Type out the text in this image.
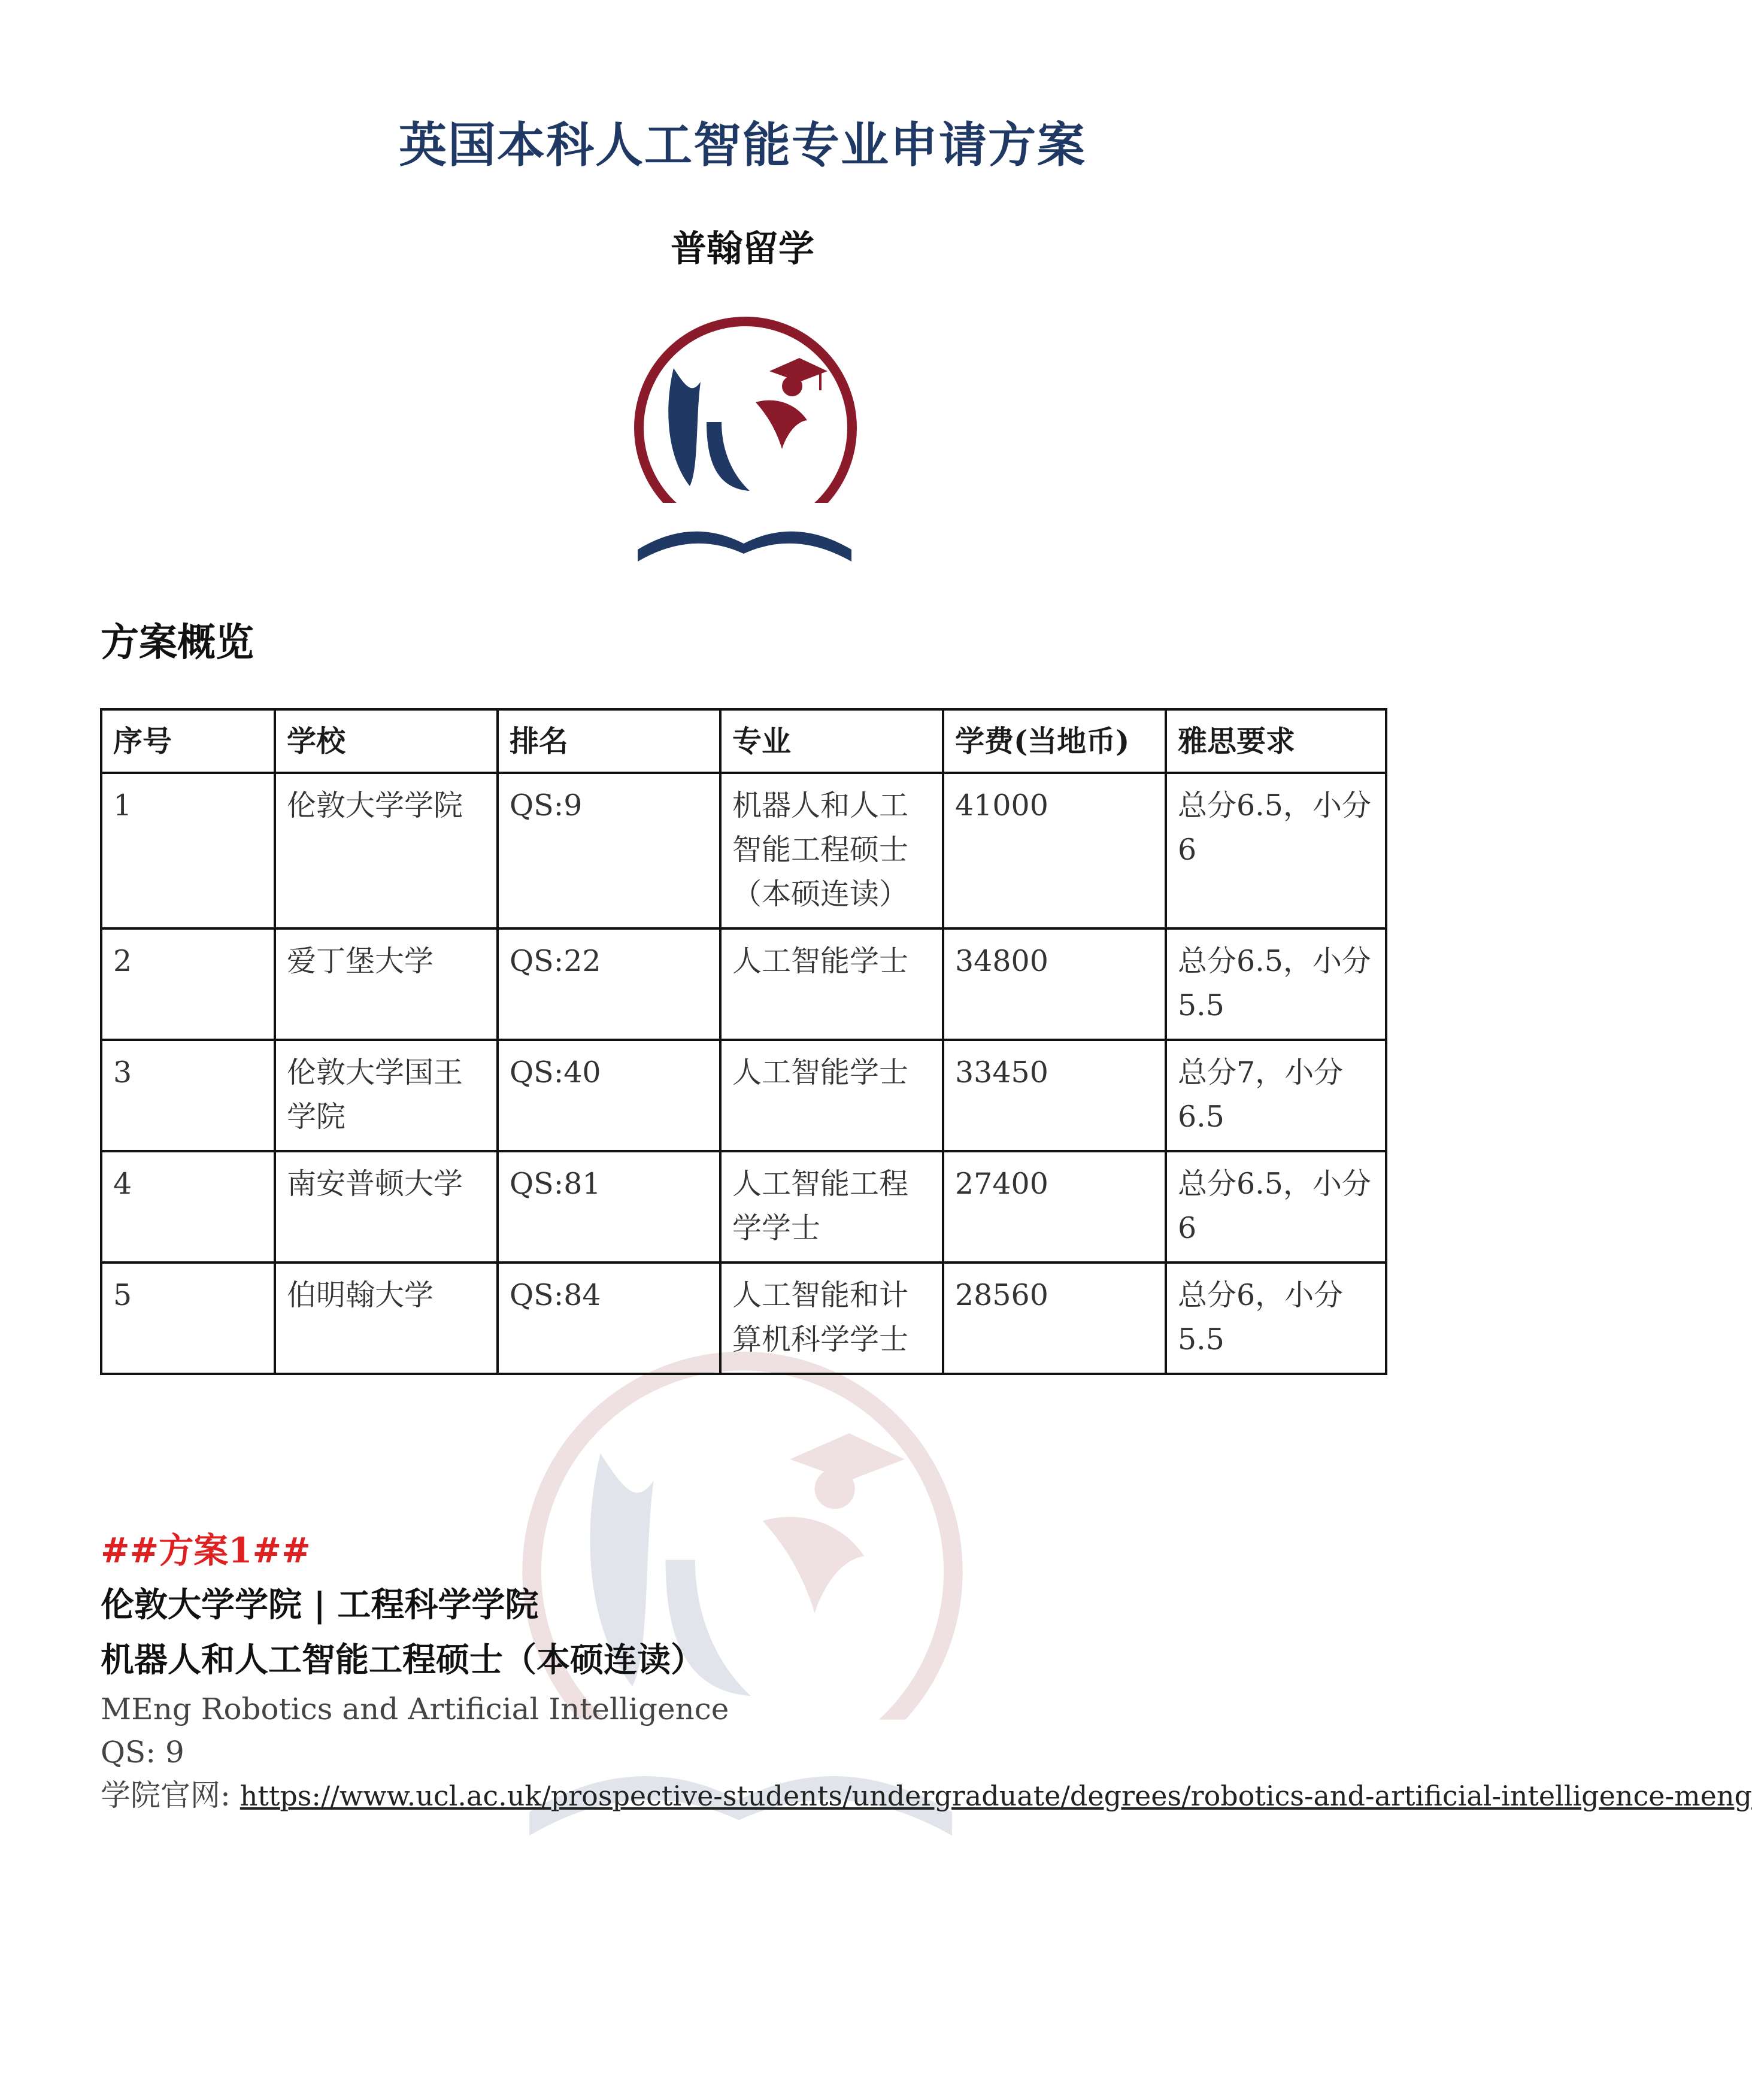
英国本科人工智能专业申请方案
普翰留学
方案概览
序号	学校	排名	专业	学费(当地币)	雅思要求
1	伦敦大学学院	QS:9	机器人和人工智能工程硕士（本硕连读）	41000	总分6.5，小分6
2	爱丁堡大学	QS:22	人工智能学士	34800	总分6.5，小分5.5
3	伦敦大学国王学院	QS:40	人工智能学士	33450	总分7，小分6.5
4	南安普顿大学	QS:81	人工智能工程学学士	27400	总分6.5，小分6
5	伯明翰大学	QS:84	人工智能和计算机科学学士	28560	总分6，小分5.5
##方案1##
伦敦大学学院 | 工程科学学院
机器人和人工智能工程硕士（本硕连读）
MEng Robotics and Artificial Intelligence
QS: 9
学院官网: https://www.ucl.ac.uk/prospective-students/undergraduate/degrees/robotics-and-artificial-intelligence-meng
